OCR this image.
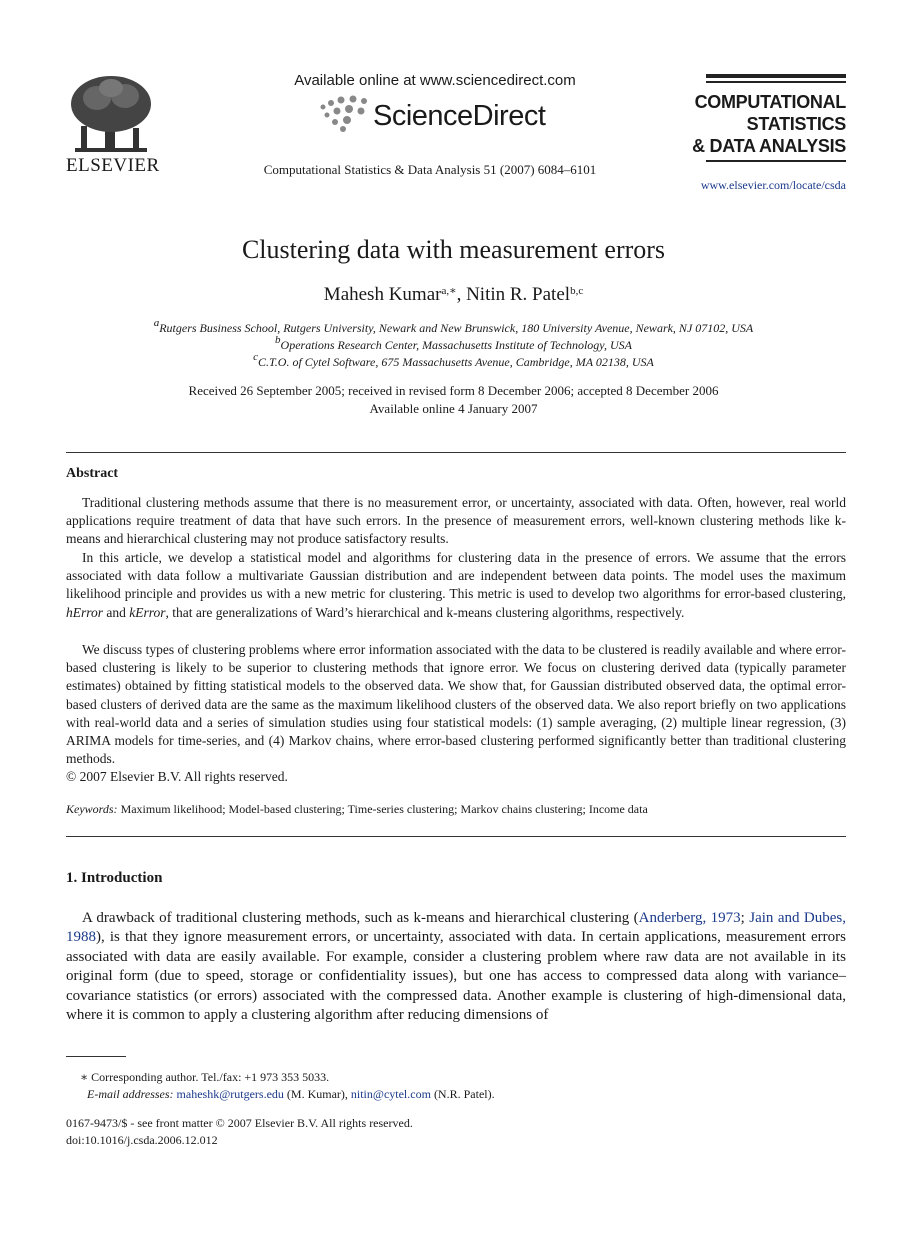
ELSEVIER
Available online at www.sciencedirect.com
ScienceDirect
Computational Statistics & Data Analysis 51 (2007) 6084–6101
COMPUTATIONAL
STATISTICS
& DATA ANALYSIS
www.elsevier.com/locate/csda
Clustering data with measurement errors
Mahesh Kumar$^{a,∗}$, Nitin R. Patel$^{b,c}$
$^a$Rutgers Business School, Rutgers University, Newark and New Brunswick, 180 University Avenue, Newark, NJ 07102, USA
$^b$Operations Research Center, Massachusetts Institute of Technology, USA
$^c$C.T.O. of Cytel Software, 675 Massachusetts Avenue, Cambridge, MA 02138, USA
Received 26 September 2005; received in revised form 8 December 2006; accepted 8 December 2006
Available online 4 January 2007
Abstract

Traditional clustering methods assume that there is no measurement error, or uncertainty, associated with data. Often, however, real world applications require treatment of data that have such errors. In the presence of measurement errors, well-known clustering methods like k-means and hierarchical clustering may not produce satisfactory results.

In this article, we develop a statistical model and algorithms for clustering data in the presence of errors. We assume that the errors associated with data follow a multivariate Gaussian distribution and are independent between data points. The model uses the maximum likelihood principle and provides us with a new metric for clustering. This metric is used to develop two algorithms for error-based clustering, hError and kError, that are generalizations of Ward’s hierarchical and k-means clustering algorithms, respectively.

We discuss types of clustering problems where error information associated with the data to be clustered is readily available and where error-based clustering is likely to be superior to clustering methods that ignore error. We focus on clustering derived data (typically parameter estimates) obtained by fitting statistical models to the observed data. We show that, for Gaussian distributed observed data, the optimal error-based clusters of derived data are the same as the maximum likelihood clusters of the observed data. We also report briefly on two applications with real-world data and a series of simulation studies using four statistical models: (1) sample averaging, (2) multiple linear regression, (3) ARIMA models for time-series, and (4) Markov chains, where error-based clustering performed significantly better than traditional clustering methods.

© 2007 Elsevier B.V. All rights reserved.
Keywords: Maximum likelihood; Model-based clustering; Time-series clustering; Markov chains clustering; Income data
1. Introduction

A drawback of traditional clustering methods, such as k-means and hierarchical clustering (Anderberg, 1973; Jain and Dubes, 1988), is that they ignore measurement errors, or uncertainty, associated with data. In certain applications, measurement errors associated with data are easily available. For example, consider a clustering problem where raw data are not available in its original form (due to speed, storage or confidentiality issues), but one has access to compressed data along with variance–covariance statistics (or errors) associated with the compressed data. Another example is clustering of high-dimensional data, where it is common to apply a clustering algorithm after reducing dimensions of

∗ Corresponding author. Tel./fax: +1 973 353 5033.
E-mail addresses: maheshk@rutgers.edu (M. Kumar), nitin@cytel.com (N.R. Patel).
0167-9473/$ - see front matter © 2007 Elsevier B.V. All rights reserved.
doi:10.1016/j.csda.2006.12.012
